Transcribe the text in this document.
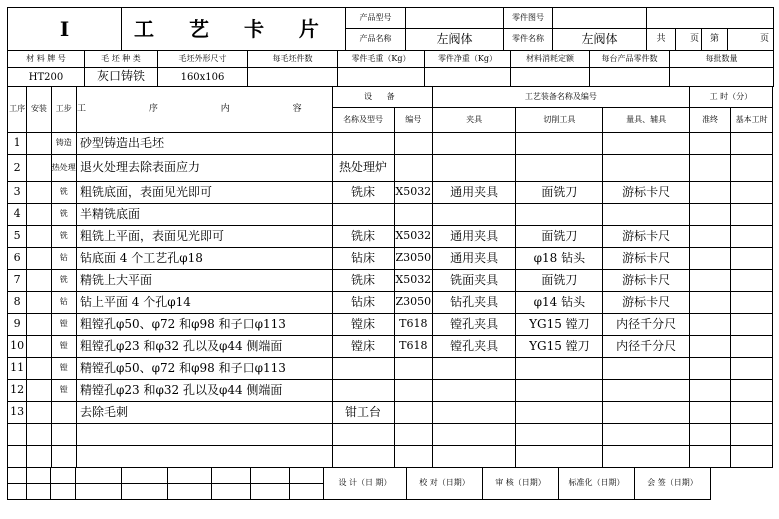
Ⅰ	工 艺 卡 片	产品型号		零件图号					
		产品名称	左阀体	零件名称	左阀体	共	页	第	页
材 料 牌 号	毛 坯 种 类	毛坯外形尺寸	每毛坯件数	零件毛重（Kg）	零件净重（Kg）	材料消耗定额	每台产品零件数	每批数量
HT200	灰口铸铁	160x106						
工序	安装	工步	工 序 内 容	设 备		工艺装备名称及编号			工 时（分）	
				名称及型号	编号	夹具	切削工具	量具、辅具	准终	基本工时
1		铸造	砂型铸造出毛坯							
2		热处理	退火处理去除表面应力	热处理炉						
3		铣	粗铣底面，表面见光即可	铣床	X5032	通用夹具	面铣刀	游标卡尺		
4		铣	半精铣底面							
5		铣	粗铣上平面，表面见光即可	铣床	X5032	通用夹具	面铣刀	游标卡尺		
6		钻	钻底面 4 个工艺孔φ18	钻床	Z3050	通用夹具	φ18 钻头	游标卡尺		
7		铣	精铣上大平面	铣床	X5032	铣面夹具	面铣刀	游标卡尺		
8		钻	钻上平面 4 个孔φ14	钻床	Z3050	钻孔夹具	φ14 钻头	游标卡尺		
9		镗	粗镗孔φ50、φ72 和φ98 和子口φ113	镗床	T618	镗孔夹具	YG15 镗刀	内径千分尺		
10		镗	粗镗孔φ23 和φ32 孔以及φ44 侧端面	镗床	T618	镗孔夹具	YG15 镗刀	内径千分尺		
11		镗	精镗孔φ50、φ72 和φ98 和子口φ113							
12		镗	精镗孔φ23 和φ32 孔以及φ44 侧端面							
13			去除毛刺	钳工台						

									设 计（日 期）	校 对（日期）	审 核（日期）	标准化（日期）	会 签（日期）
